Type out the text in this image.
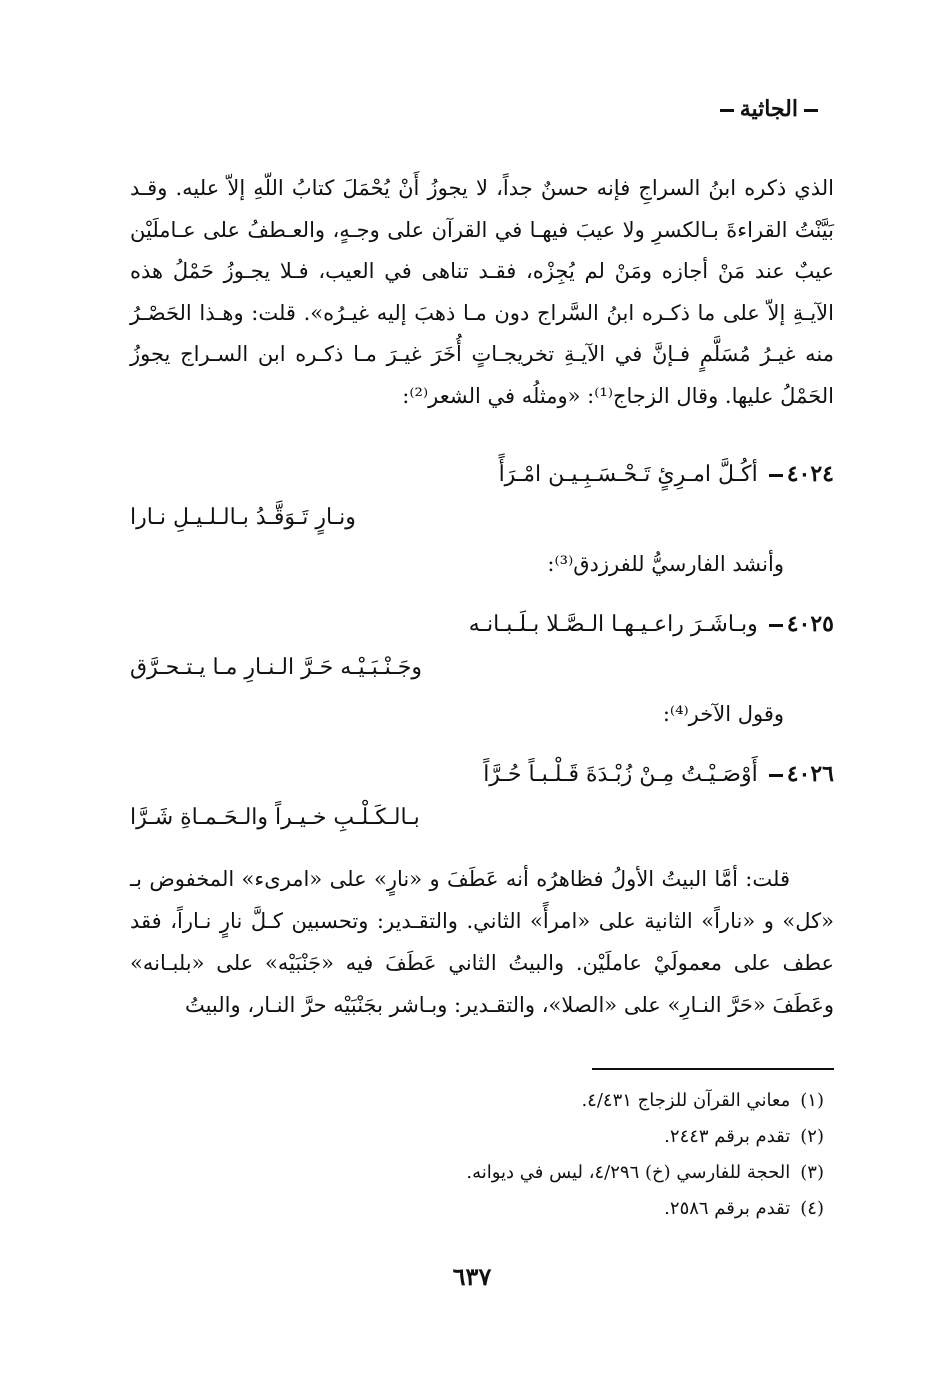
الجاثية

الذي ذكره ابنُ السراجِ فإنه حسنٌ جداً، لا يجوزُ أَنْ يُحْمَلَ كتابُ اللّهِ إلاّ عليه. وقـد بَيَّنْتُ القراءةَ بـالكسرِ ولا عيبَ فيهـا في القرآن على وجـهٍ، والعـطفُ على عـاملَيْن عيبٌ عند مَنْ أجازه ومَنْ لم يُجِزْه، فقـد تناهى في العيب، فـلا يجـوزُ حَمْلُ هذه الآيـةِ إلاّ على ما ذكـره ابنُ السَّراج دون مـا ذهبَ إليه غيـرُه». قلت: وهـذا الحَصْـرُ منه غيـرُ مُسَلَّمٍ فـإنَّ في الآيـةِ تخريجـاتٍ أُخَرَ غيـرَ مـا ذكـره ابن السـراج يجوزُ الحَمْلُ عليها. وقال الزجاج⁽¹⁾: «ومثلُه في الشعر⁽²⁾:

٤٠٢٤ أكُـلَّ امـرِئٍ تَـحْـسَـبِـيـن امْـرَأً
ونـارٍ تَـوَقَّـدُ بـالـلـيـلِ نـارا
وأنشد الفارسيُّ للفرزدق⁽³⁾:
٤٠٢٥ وبـاشَـرَ راعـيـهـا الـصَّـلا بـلَـبـانـه
وجَـنْـبَـيْـه حَـرَّ الـنـارِ مـا يـتـحـرَّق
وقول الآخر⁽⁴⁾:
٤٠٢٦ أَوْصَـيْـتُ مِـنْ زُبْـدَةَ قَـلْـبـاً حُـرَّاً
بـالـكَـلْـبِ خـيـراً والـحَـمـاةِ شَـرَّا
قلت: أمَّا البيتُ الأولُ فظاهرُه أنه عَطَفَ و «نارٍ» على «امرىء» المخفوض بـ «كل» و «ناراً» الثانية على «امرأً» الثاني. والتقـدير: وتحسبين كـلَّ نارٍ نـاراً، فقد عطف على معمولَيْ عاملَيْن. والبيتُ الثاني عَطَفَ فيه «جَنْبَيْه» على «بلبـانه» وعَطَفَ «حَرَّ النـارِ» على «الصلا»، والتقـدير: وبـاشر بجَنْبَيْه حرَّ النـار، والبيتُ
(١)معاني القرآن للزجاج ٤/٤٣١.
(٢)تقدم برقم ٢٤٤٣.
(٣)الحجة للفارسي (خ) ٤/٢٩٦، ليس في ديوانه.
(٤)تقدم برقم ٢٥٨٦.
٦٣٧
